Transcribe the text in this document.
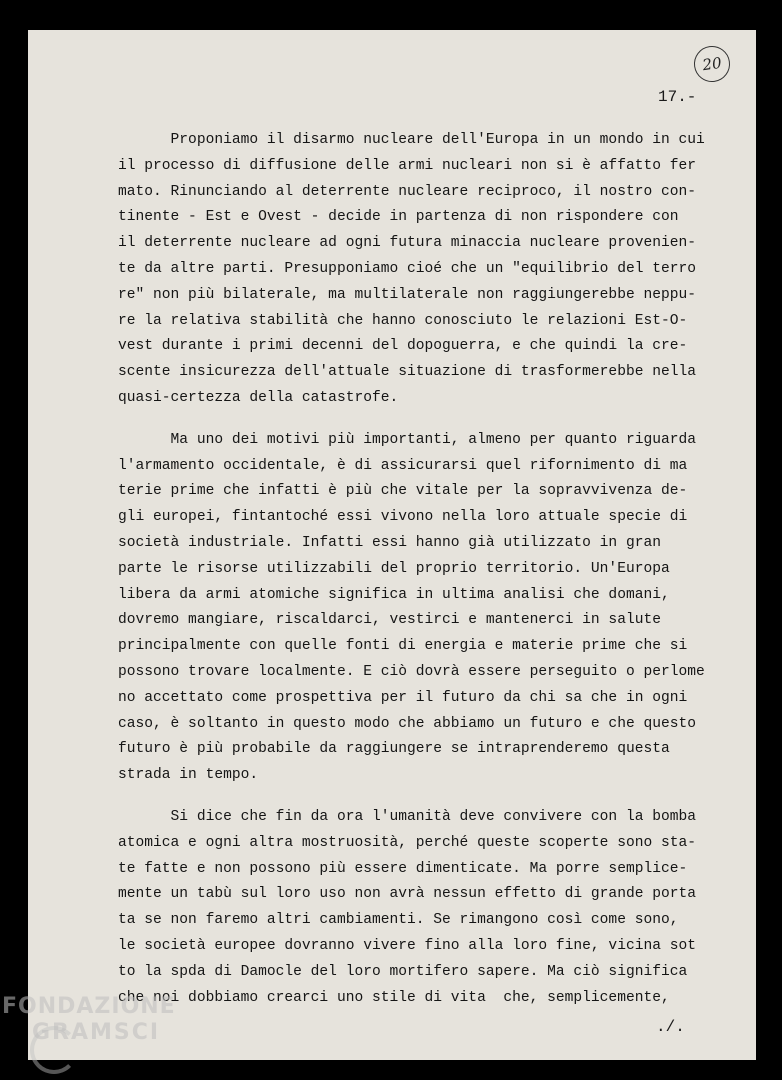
20
17.-
Proponiamo il disarmo nucleare dell'Europa in un mondo in cui
il processo di diffusione delle armi nucleari non si è affatto fer
mato. Rinunciando al deterrente nucleare reciproco, il nostro con-
tinente - Est e Ovest - decide in partenza di non rispondere con
il deterrente nucleare ad ogni futura minaccia nucleare provenien-
te da altre parti. Presupponiamo cioé che un "equilibrio del terro
re" non più bilaterale, ma multilaterale non raggiungerebbe neppu-
re la relativa stabilità che hanno conosciuto le relazioni Est-O-
vest durante i primi decenni del dopoguerra, e che quindi la cre-
scente insicurezza dell'attuale situazione di trasformerebbe nella
quasi-certezza della catastrofe.
Ma uno dei motivi più importanti, almeno per quanto riguarda
l'armamento occidentale, è di assicurarsi quel rifornimento di ma
terie prime che infatti è più che vitale per la sopravvivenza de-
gli europei, fintantoché essi vivono nella loro attuale specie di
società industriale. Infatti essi hanno già utilizzato in gran
parte le risorse utilizzabili del proprio territorio. Un'Europa
libera da armi atomiche significa in ultima analisi che domani,
dovremo mangiare, riscaldarci, vestirci e mantenerci in salute
principalmente con quelle fonti di energia e materie prime che si
possono trovare localmente. E ciò dovrà essere perseguito o perlome
no accettato come prospettiva per il futuro da chi sa che in ogni
caso, è soltanto in questo modo che abbiamo un futuro e che questo
futuro è più probabile da raggiungere se intraprenderemo questa
strada in tempo.
Si dice che fin da ora l'umanità deve convivere con la bomba
atomica e ogni altra mostruosità, perché queste scoperte sono sta-
te fatte e non possono più essere dimenticate. Ma porre semplice-
mente un tabù sul loro uso non avrà nessun effetto di grande porta
ta se non faremo altri cambiamenti. Se rimangono così come sono,
le società europee dovranno vivere fino alla loro fine, vicina sot
to la spda di Damocle del loro mortifero sapere. Ma ciò significa
che noi dobbiamo crearci uno stile di vita  che, semplicemente,
./.
FONDAZIONE
GRAMSCI
